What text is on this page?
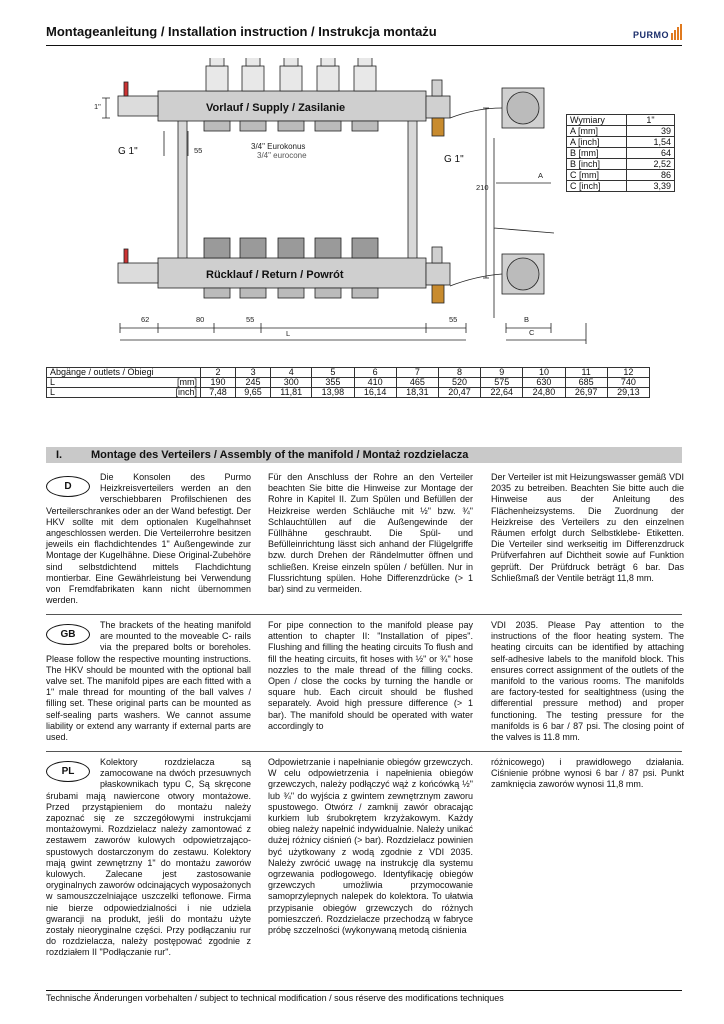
Montageanleitung / Installation instruction / Instrukcja montażu	PURMO
Vorlauf / Supply / Zasilanie
Rücklauf / Return / Powrót
3/4" Eurokonus
3/4" eurocone
G 1"
G 1"
1"
55
210
A
62	80	55	55
L
B
C
Wymiary	1"
A [mm]	39
A [inch]	1,54
B [mm]	64
B [inch]	2,52
C [mm]	86
C [inch]	3,39
Abgänge / outlets / Obiegi	2	3	4	5	6	7	8	9	10	11	12
L [mm]	190	245	300	355	410	465	520	575	630	685	740
L [inch]	7,48	9,65	11,81	13,98	16,14	18,31	20,47	22,64	24,80	26,97	29,13
I.	Montage des Verteilers / Assembly of the manifold / Montaż rozdzielacza
D

Die Konsolen des Purmo Heizkreisverteilers werden an den verschiebbaren Profilschienen des Verteilerschrankes oder an der Wand befestigt. Der HKV sollte mit dem optionalen Kugelhahnset angeschlossen werden. Die Verteilerrohre besitzen jeweils ein flachdichtendes 1" Außengewinde zur Montage der Kugelhähne. Diese Original-Zubehöre sind selbstdichtend mittels Flachdichtung montierbar. Eine Gewährleistung bei Verwendung von Fremdfabrikaten kann nicht übernommen werden.

Für den Anschluss der Rohre an den Verteiler beachten Sie bitte die Hinweise zur Montage der Rohre in Kapitel II. Zum Spülen und Befüllen der Heizkreise werden Schläuche mit ½" bzw. ¾" Schlauchtüllen auf die Außengewinde der Füllhähne geschraubt. Die Spül- und Befülleinrichtung lässt sich anhand der Flügelgriffe bzw. durch Drehen der Rändelmutter öffnen und schließen. Kreise einzeln spülen / befüllen. Nur in Flussrichtung spülen. Hohe Differenzdrücke (> 1 bar) sind zu vermeiden.

Der Verteiler ist mit Heizungswasser gemäß VDI 2035 zu betreiben. Beachten Sie bitte auch die Hinweise aus der Anleitung des Flächenheizsystems. Die Zuordnung der Heizkreise des Verteilers zu den einzelnen Räumen erfolgt durch Selbstklebe- Etiketten. Die Verteiler sind werkseitig im Differenzdruck Prüfverfahren auf Dichtheit sowie auf Funktion geprüft. Der Prüfdruck beträgt 6 bar. Das Schließmaß der Ventile beträgt 11,8 mm.

GB

The brackets of the heating manifold are mounted to the moveable C- rails via the prepared bolts or boreholes. Please follow the respective mounting instructions. The HKV should be mounted with the optional ball valve set. The manifold pipes are each fitted with a 1" male thread for mounting of the ball valves / filling set. These original parts can be mounted as self-sealing parts washers. We cannot assume liability or extend any warranty if external parts are used.

For pipe connection to the manifold please pay attention to chapter II: "Installation of pipes". Flushing and filling the heating circuits To flush and fill the heating circuits, fit hoses with ½" or ¾" hose nozzles to the male thread of the filling cocks. Open / close the cocks by turning the handle or square hub. Each circuit should be flushed separately. Avoid high pressure difference (> 1 bar). The manifold should be operated with water accordingly to

VDI 2035. Please Pay attention to the instructions of the floor heating system. The heating circuits can be identified by attaching self-adhesive labels to the manifold block. This ensures correct assignment of the outlets of the manifold to the various rooms. The manifolds are factory-tested for sealtightness (using the differential pressure method) and proper functioning. The testing pressure for the manifolds is 6 bar / 87 psi. The closing point of the valves is 11.8 mm.

PL

Kolektory rozdzielacza są zamocowane na dwóch przesuwnych płaskownikach typu C, Są skręcone śrubami mają nawiercone otwory montażowe. Przed przystąpieniem do montażu należy zapoznać się ze szczegółowymi instrukcjami montażowymi. Rozdzielacz należy zamontować z zestawem zaworów kulowych odpowietrzająco-spustowych dostarczonym do zestawu. Kolektory mają gwint zewnętrzny 1" do montażu zaworów kulowych. Zalecane jest zastosowanie oryginalnych zaworów odcinających wyposażonych w samouszczelniające uszczelki teflonowe. Firma nie bierze odpowiedzialności i nie udziela gwarancji na produkt, jeśli do montażu użyte zostały nieoryginalne części. Przy podłączaniu rur do rozdzielacza, należy postępować zgodnie z rozdziałem II "Podłączanie rur".

Odpowietrzanie i napełnianie obiegów grzewczych. W celu odpowietrzenia i napełnienia obiegów grzewczych, należy podłączyć wąż z końcówką ½" lub ¾" do wyjścia z gwintem zewnętrznym zaworu spustowego. Otwórz / zamknij zawór obracając kurkiem lub śrubokrętem krzyżakowym. Każdy obieg należy napełnić indywidualnie. Należy unikać dużej różnicy ciśnień (> bar). Rozdzielacz powinien być użytkowany z wodą zgodnie z VDI 2035. Należy zwrócić uwagę na instrukcję dla systemu ogrzewania podłogowego. Identyfikację obiegów grzewczych umożliwia przymocowanie samoprzylepnych nalepek do kolektora. To ułatwia przypisanie obiegów grzewczych do różnych pomieszczeń. Rozdzielacze przechodzą w fabryce próbę szczelności (wykonywaną metodą ciśnienia

różnicowego) i prawidłowego działania. Ciśnienie próbne wynosi 6 bar / 87 psi. Punkt zamknięcia zaworów wynosi 11,8 mm.

Technische Änderungen vorbehalten / subject to technical modification / sous réserve des modifications techniques
